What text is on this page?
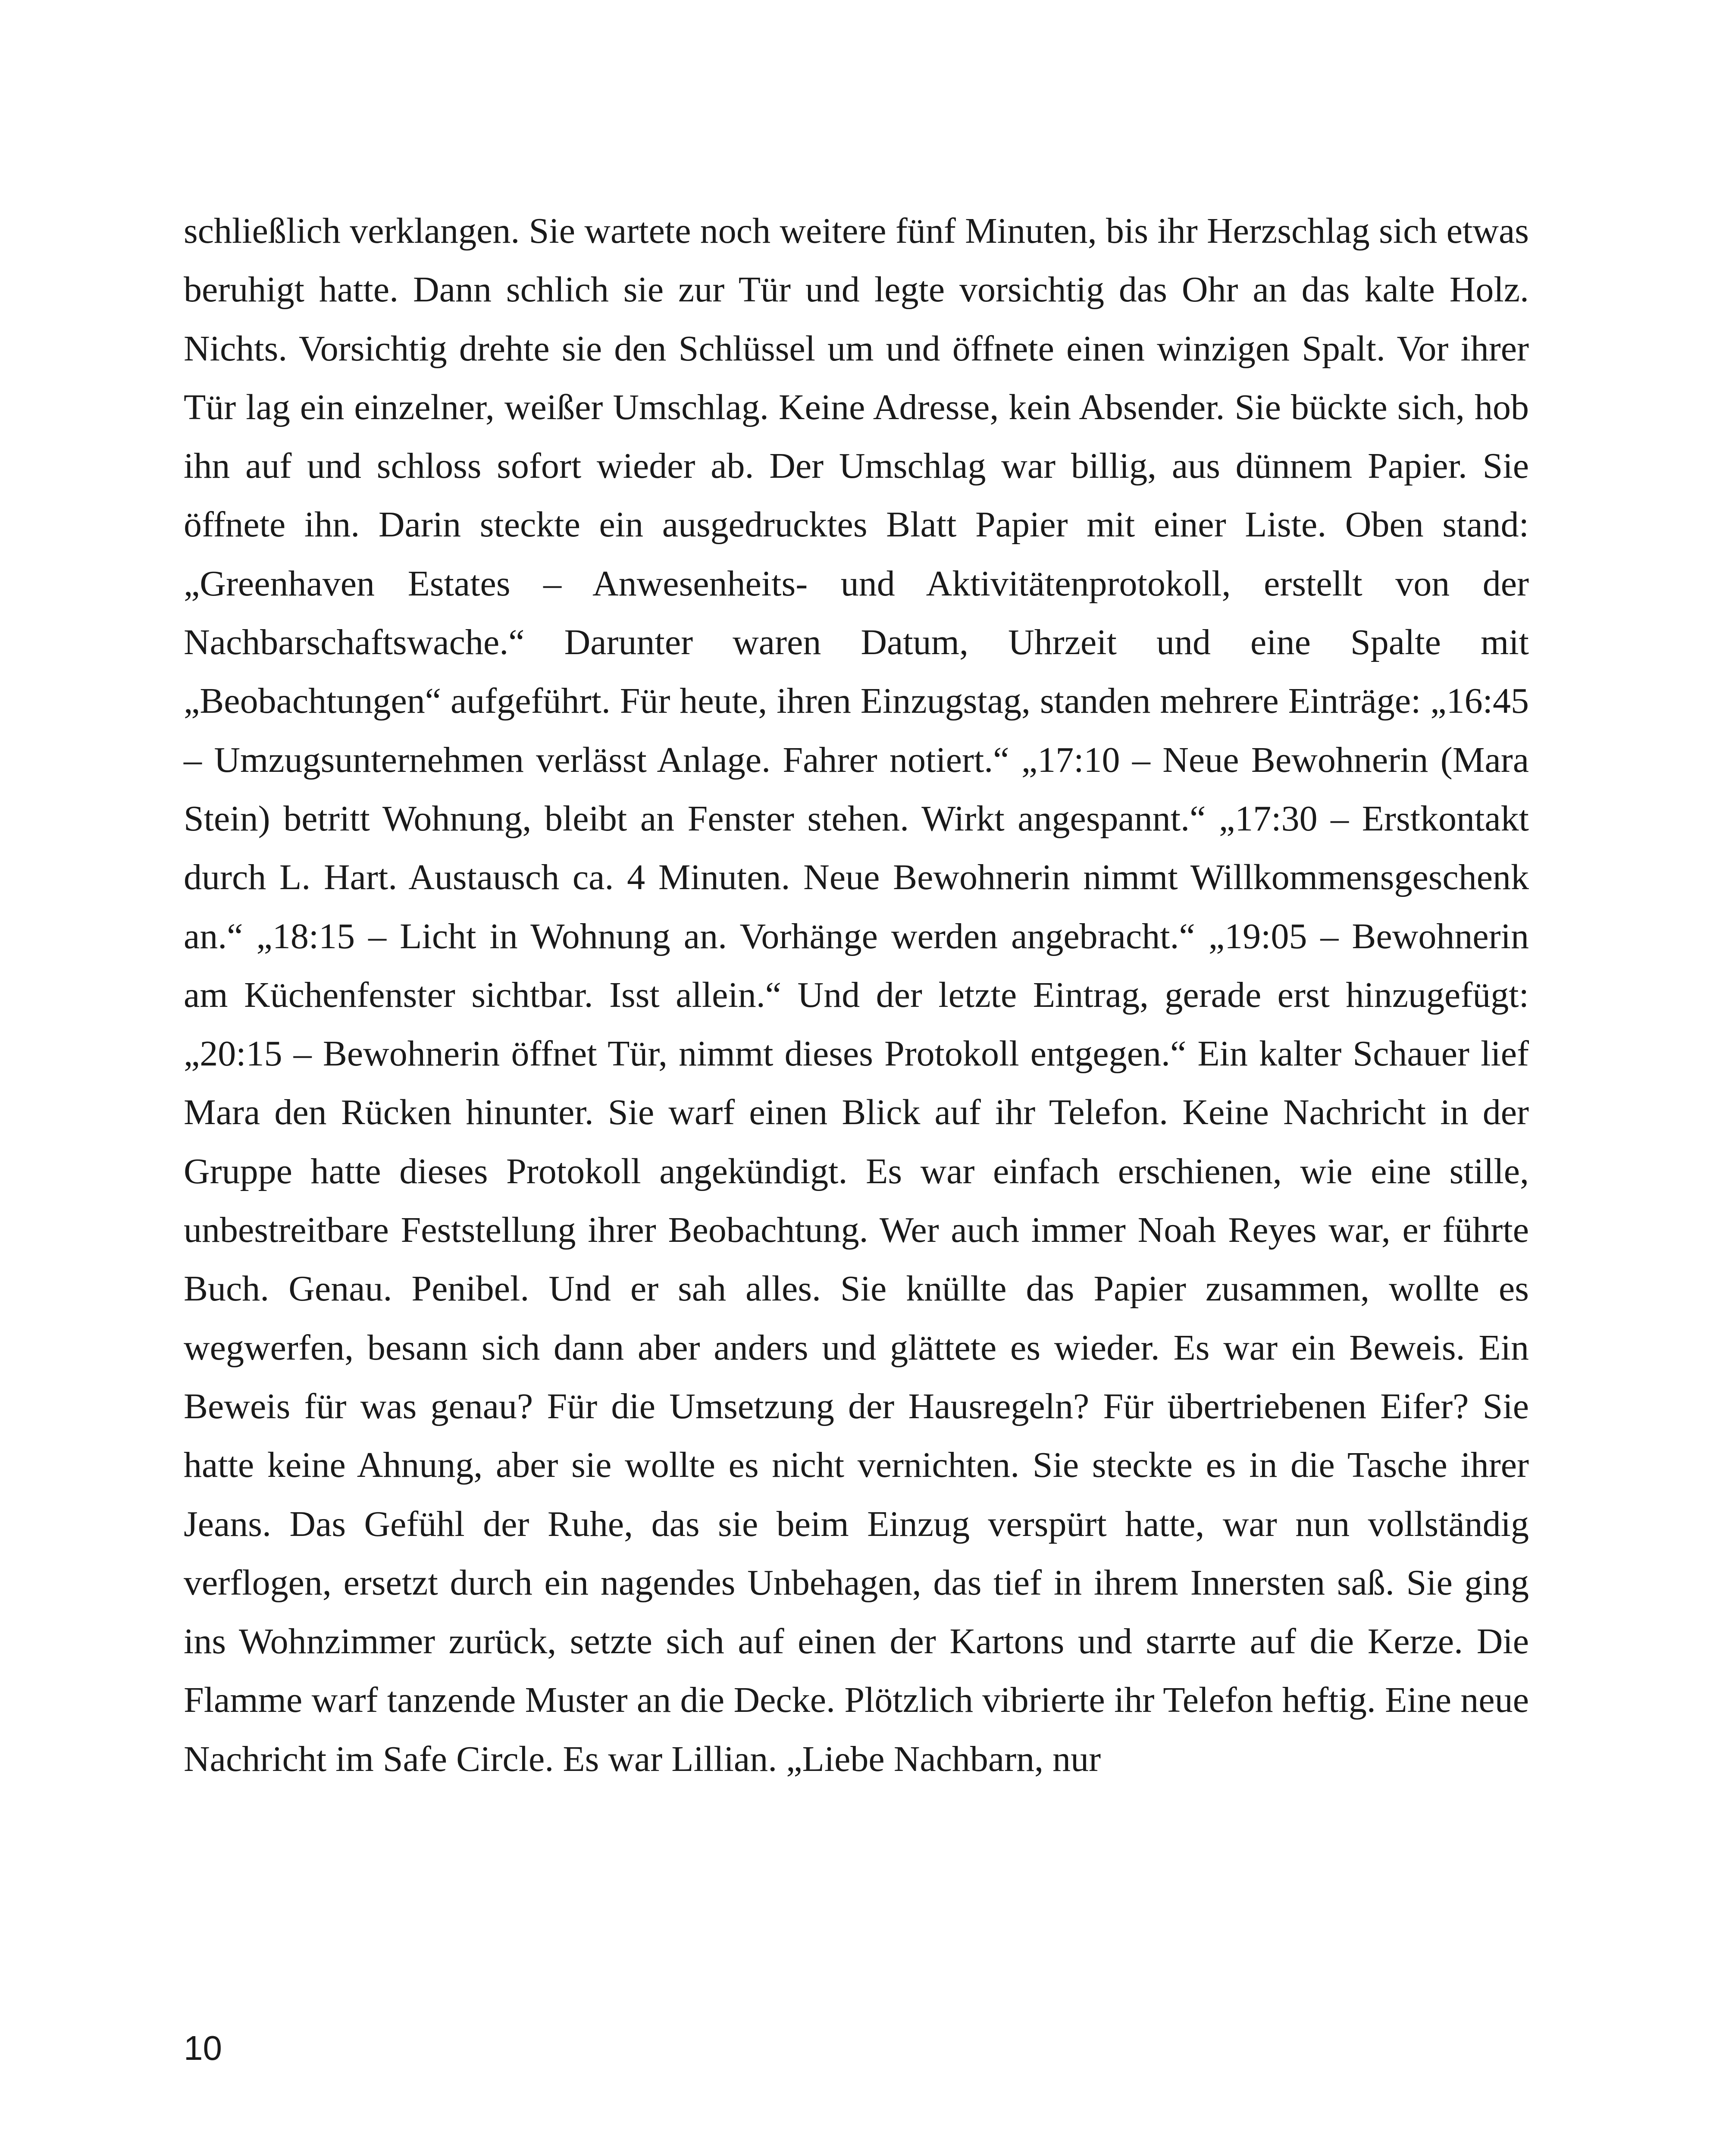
schließlich verklangen. Sie wartete noch weitere fünf Minuten, bis ihr Herzschlag sich etwas beruhigt hatte. Dann schlich sie zur Tür und legte vorsichtig das Ohr an das kalte Holz. Nichts. Vorsichtig drehte sie den Schlüssel um und öffnete einen winzigen Spalt. Vor ihrer Tür lag ein einzelner, weißer Umschlag. Keine Adresse, kein Absender. Sie bückte sich, hob ihn auf und schloss sofort wieder ab. Der Umschlag war billig, aus dünnem Papier. Sie öffnete ihn. Darin steckte ein ausgedrucktes Blatt Papier mit einer Liste. Oben stand: „Greenhaven Estates – Anwesenheits- und Aktivitätenprotokoll, erstellt von der Nachbarschaftswache.“ Darunter waren Datum, Uhrzeit und eine Spalte mit „Beobachtungen“ aufgeführt. Für heute, ihren Einzugstag, standen mehrere Einträge: „16:45 – Umzugsunternehmen verlässt Anlage. Fahrer notiert.“ „17:10 – Neue Bewohnerin (Mara Stein) betritt Wohnung, bleibt an Fenster stehen. Wirkt angespannt.“ „17:30 – Erstkontakt durch L. Hart. Austausch ca. 4 Minuten. Neue Bewohnerin nimmt Willkommensgeschenk an.“ „18:15 – Licht in Wohnung an. Vorhänge werden angebracht.“ „19:05 – Bewohnerin am Küchenfenster sichtbar. Isst allein.“ Und der letzte Eintrag, gerade erst hinzugefügt: „20:15 – Bewohnerin öffnet Tür, nimmt dieses Protokoll entgegen.“ Ein kalter Schauer lief Mara den Rücken hinunter. Sie warf einen Blick auf ihr Telefon. Keine Nachricht in der Gruppe hatte dieses Protokoll angekündigt. Es war einfach erschienen, wie eine stille, unbestreitbare Feststellung ihrer Beobachtung. Wer auch immer Noah Reyes war, er führte Buch. Genau. Penibel. Und er sah alles. Sie knüllte das Papier zusammen, wollte es wegwerfen, besann sich dann aber anders und glättete es wieder. Es war ein Beweis. Ein Beweis für was genau? Für die Umsetzung der Hausregeln? Für übertriebenen Eifer? Sie hatte keine Ahnung, aber sie wollte es nicht vernichten. Sie steckte es in die Tasche ihrer Jeans. Das Gefühl der Ruhe, das sie beim Einzug verspürt hatte, war nun vollständig verflogen, ersetzt durch ein nagendes Unbehagen, das tief in ihrem Innersten saß. Sie ging ins Wohnzimmer zurück, setzte sich auf einen der Kartons und starrte auf die Kerze. Die Flamme warf tanzende Muster an die Decke. Plötzlich vibrierte ihr Telefon heftig. Eine neue Nachricht im Safe Circle. Es war Lillian. „Liebe Nachbarn, nur

10
